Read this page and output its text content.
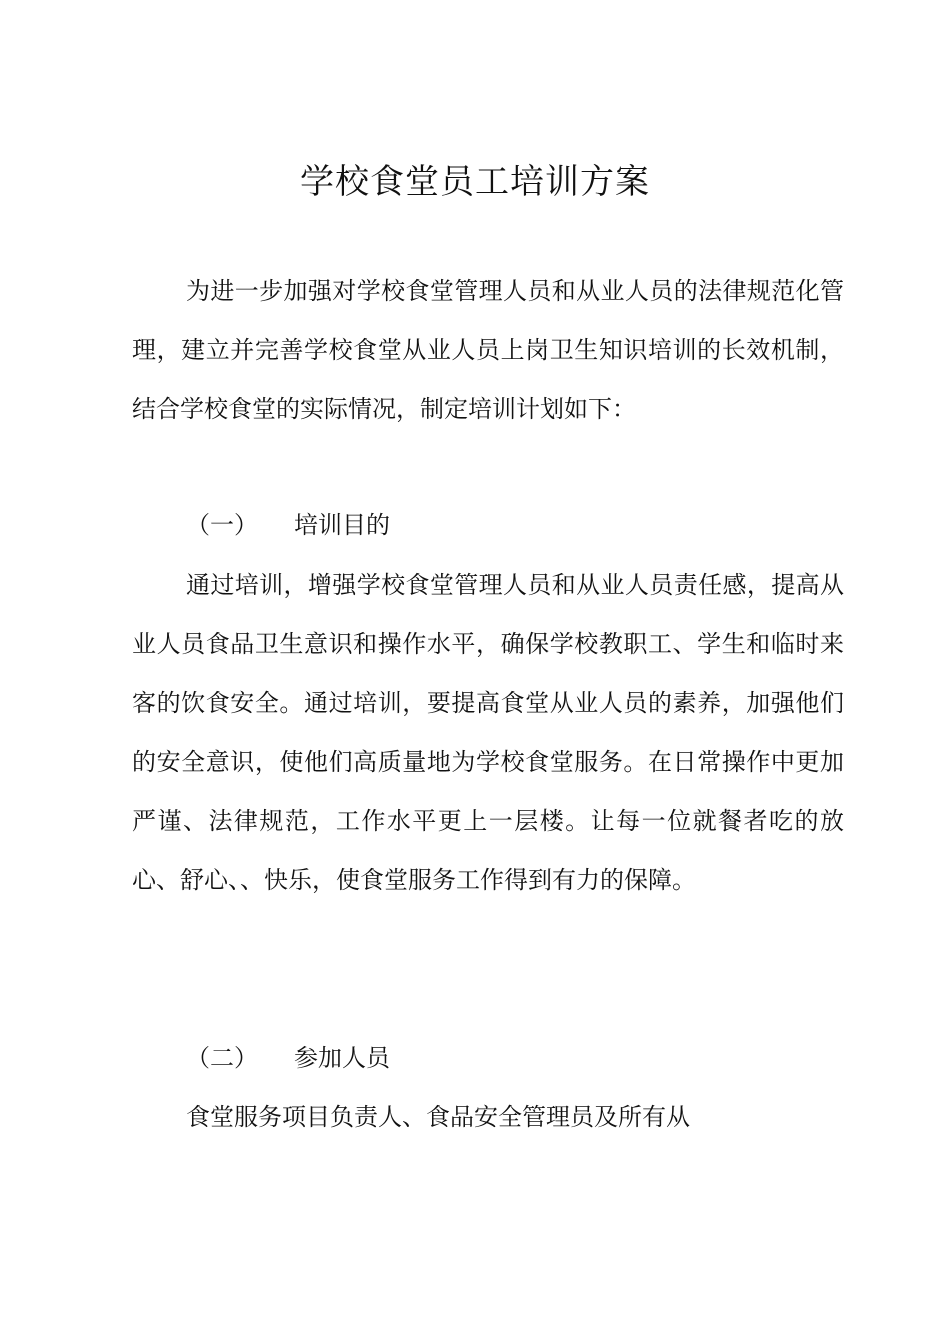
学校食堂员工培训方案

为进一步加强对学校食堂管理人员和从业人员的法律规范化管理，建立并完善学校食堂从业人员上岗卫生知识培训的长效机制，结合学校食堂的实际情况，制定培训计划如下：

（一） 培训目的

通过培训，增强学校食堂管理人员和从业人员责任感，提高从业人员食品卫生意识和操作水平，确保学校教职工、学生和临时来客的饮食安全。通过培训，要提高食堂从业人员的素养，加强他们的安全意识，使他们高质量地为学校食堂服务。在日常操作中更加严谨、法律规范，工作水平更上一层楼。让每一位就餐者吃的放心、舒心、、快乐，使食堂服务工作得到有力的保障。

（二） 参加人员

食堂服务项目负责人、食品安全管理员及所有从
